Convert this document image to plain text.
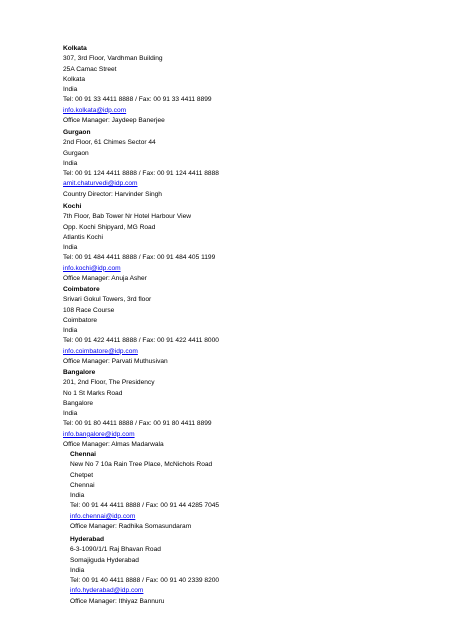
Kolkata
307, 3rd Floor, Vardhman Building
25A Camac Street
Kolkata
India
Tel: 00 91 33 4411 8888 / Fax: 00 91 33 4411 8899
info.kolkata@idp.com
Office Manager: Jaydeep Banerjee
Gurgaon
2nd Floor, 61 Chimes Sector 44
Gurgaon
India
Tel: 00 91 124 4411 8888 / Fax: 00 91 124 4411 8888
amit.chaturvedi@idp.com
Country Director: Harvinder Singh
Kochi
7th Floor, Bab Tower Nr Hotel Harbour View
Opp. Kochi Shipyard, MG Road
Atlantis Kochi
India
Tel: 00 91 484 4411 8888 / Fax: 00 91 484 405 1199
info.kochi@idp.com
Office Manager: Anuja Asher
Coimbatore
Srivari Gokul Towers, 3rd floor
108 Race Course
Coimbatore
India
Tel: 00 91 422 4411 8888 / Fax: 00 91 422 4411 8000
info.coimbatore@idp.com
Office Manager: Parvati Muthusivan
Bangalore
201, 2nd Floor, The Presidency
No 1 St Marks Road
Bangalore
India
Tel: 00 91 80 4411 8888 / Fax: 00 91 80 4411 8899
info.bangalore@idp.com
Office Manager: Almas Madarwala
Chennai
New No 7 10a Rain Tree Place, McNichols Road
Chetpet
Chennai
India
Tel: 00 91 44 4411 8888 / Fax: 00 91 44 4285 7045
info.chennai@idp.com
Office Manager: Radhika Somasundaram
Hyderabad
6-3-1090/1/1 Raj Bhavan Road
Somajiguda Hyderabad
India
Tel: 00 91 40 4411 8888 / Fax: 00 91 40 2339 8200
info.hyderabad@idp.com
Office Manager: Ithiyaz Bannuru
